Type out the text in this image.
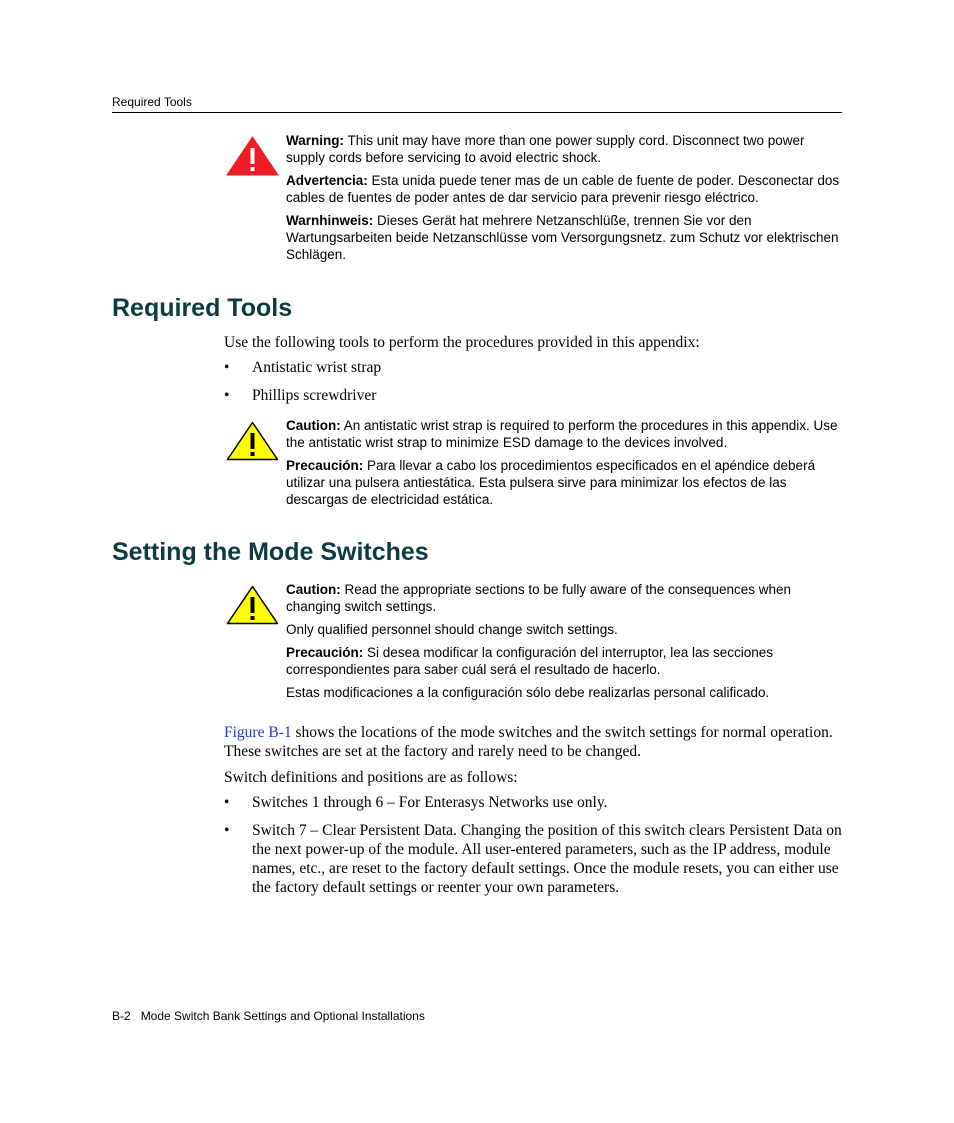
Required Tools

Warning: This unit may have more than one power supply cord. Disconnect two power supply cords before servicing to avoid electric shock.

Advertencia: Esta unida puede tener mas de un cable de fuente de poder. Desconectar dos cables de fuentes de poder antes de dar servicio para prevenir riesgo eléctrico.

Warnhinweis: Dieses Gerät hat mehrere Netzanschlüße, trennen Sie vor den Wartungsarbeiten beide Netzanschlüsse vom Versorgungsnetz. zum Schutz vor elektrischen Schlägen.

Required Tools

Use the following tools to perform the procedures provided in this appendix:

• Antistatic wrist strap
• Phillips screwdriver

Caution: An antistatic wrist strap is required to perform the procedures in this appendix. Use the antistatic wrist strap to minimize ESD damage to the devices involved.

Precaución: Para llevar a cabo los procedimientos especificados en el apéndice deberá utilizar una pulsera antiestática. Esta pulsera sirve para minimizar los efectos de las descargas de electricidad estática.

Setting the Mode Switches

Caution: Read the appropriate sections to be fully aware of the consequences when changing switch settings.

Only qualified personnel should change switch settings.

Precaución: Si desea modificar la configuración del interruptor, lea las secciones correspondientes para saber cuál será el resultado de hacerlo.

Estas modificaciones a la configuración sólo debe realizarlas personal calificado.

Figure B-1 shows the locations of the mode switches and the switch settings for normal operation. These switches are set at the factory and rarely need to be changed.

Switch definitions and positions are as follows:

• Switches 1 through 6 – For Enterasys Networks use only.
• Switch 7 – Clear Persistent Data. Changing the position of this switch clears Persistent Data on the next power-up of the module. All user-entered parameters, such as the IP address, module names, etc., are reset to the factory default settings. Once the module resets, you can either use the factory default settings or reenter your own parameters.
B-2 Mode Switch Bank Settings and Optional Installations
